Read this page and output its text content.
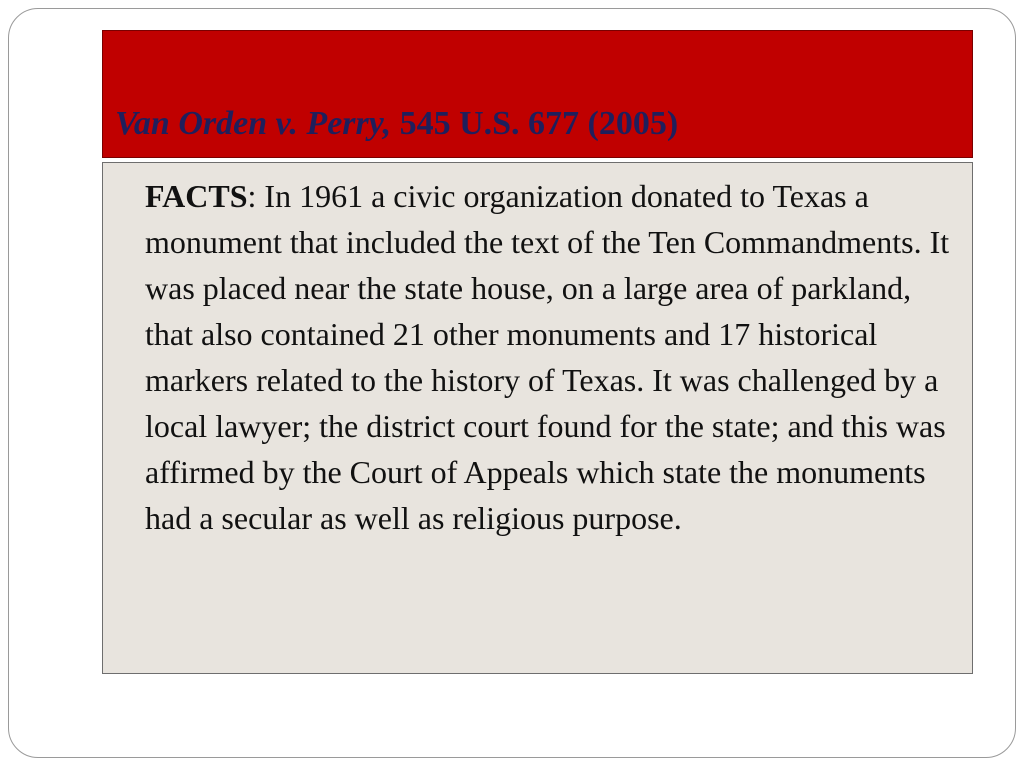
Van Orden v. Perry, 545 U.S. 677 (2005)

FACTS: In 1961 a civic organization donated to Texas a monument that included the text of the Ten Commandments. It was placed near the state house, on a large area of parkland, that also contained 21 other monuments and 17 historical markers related to the history of Texas. It was challenged by a local lawyer; the district court found for the state; and this was affirmed by the Court of Appeals which state the monuments had a secular as well as religious purpose.
